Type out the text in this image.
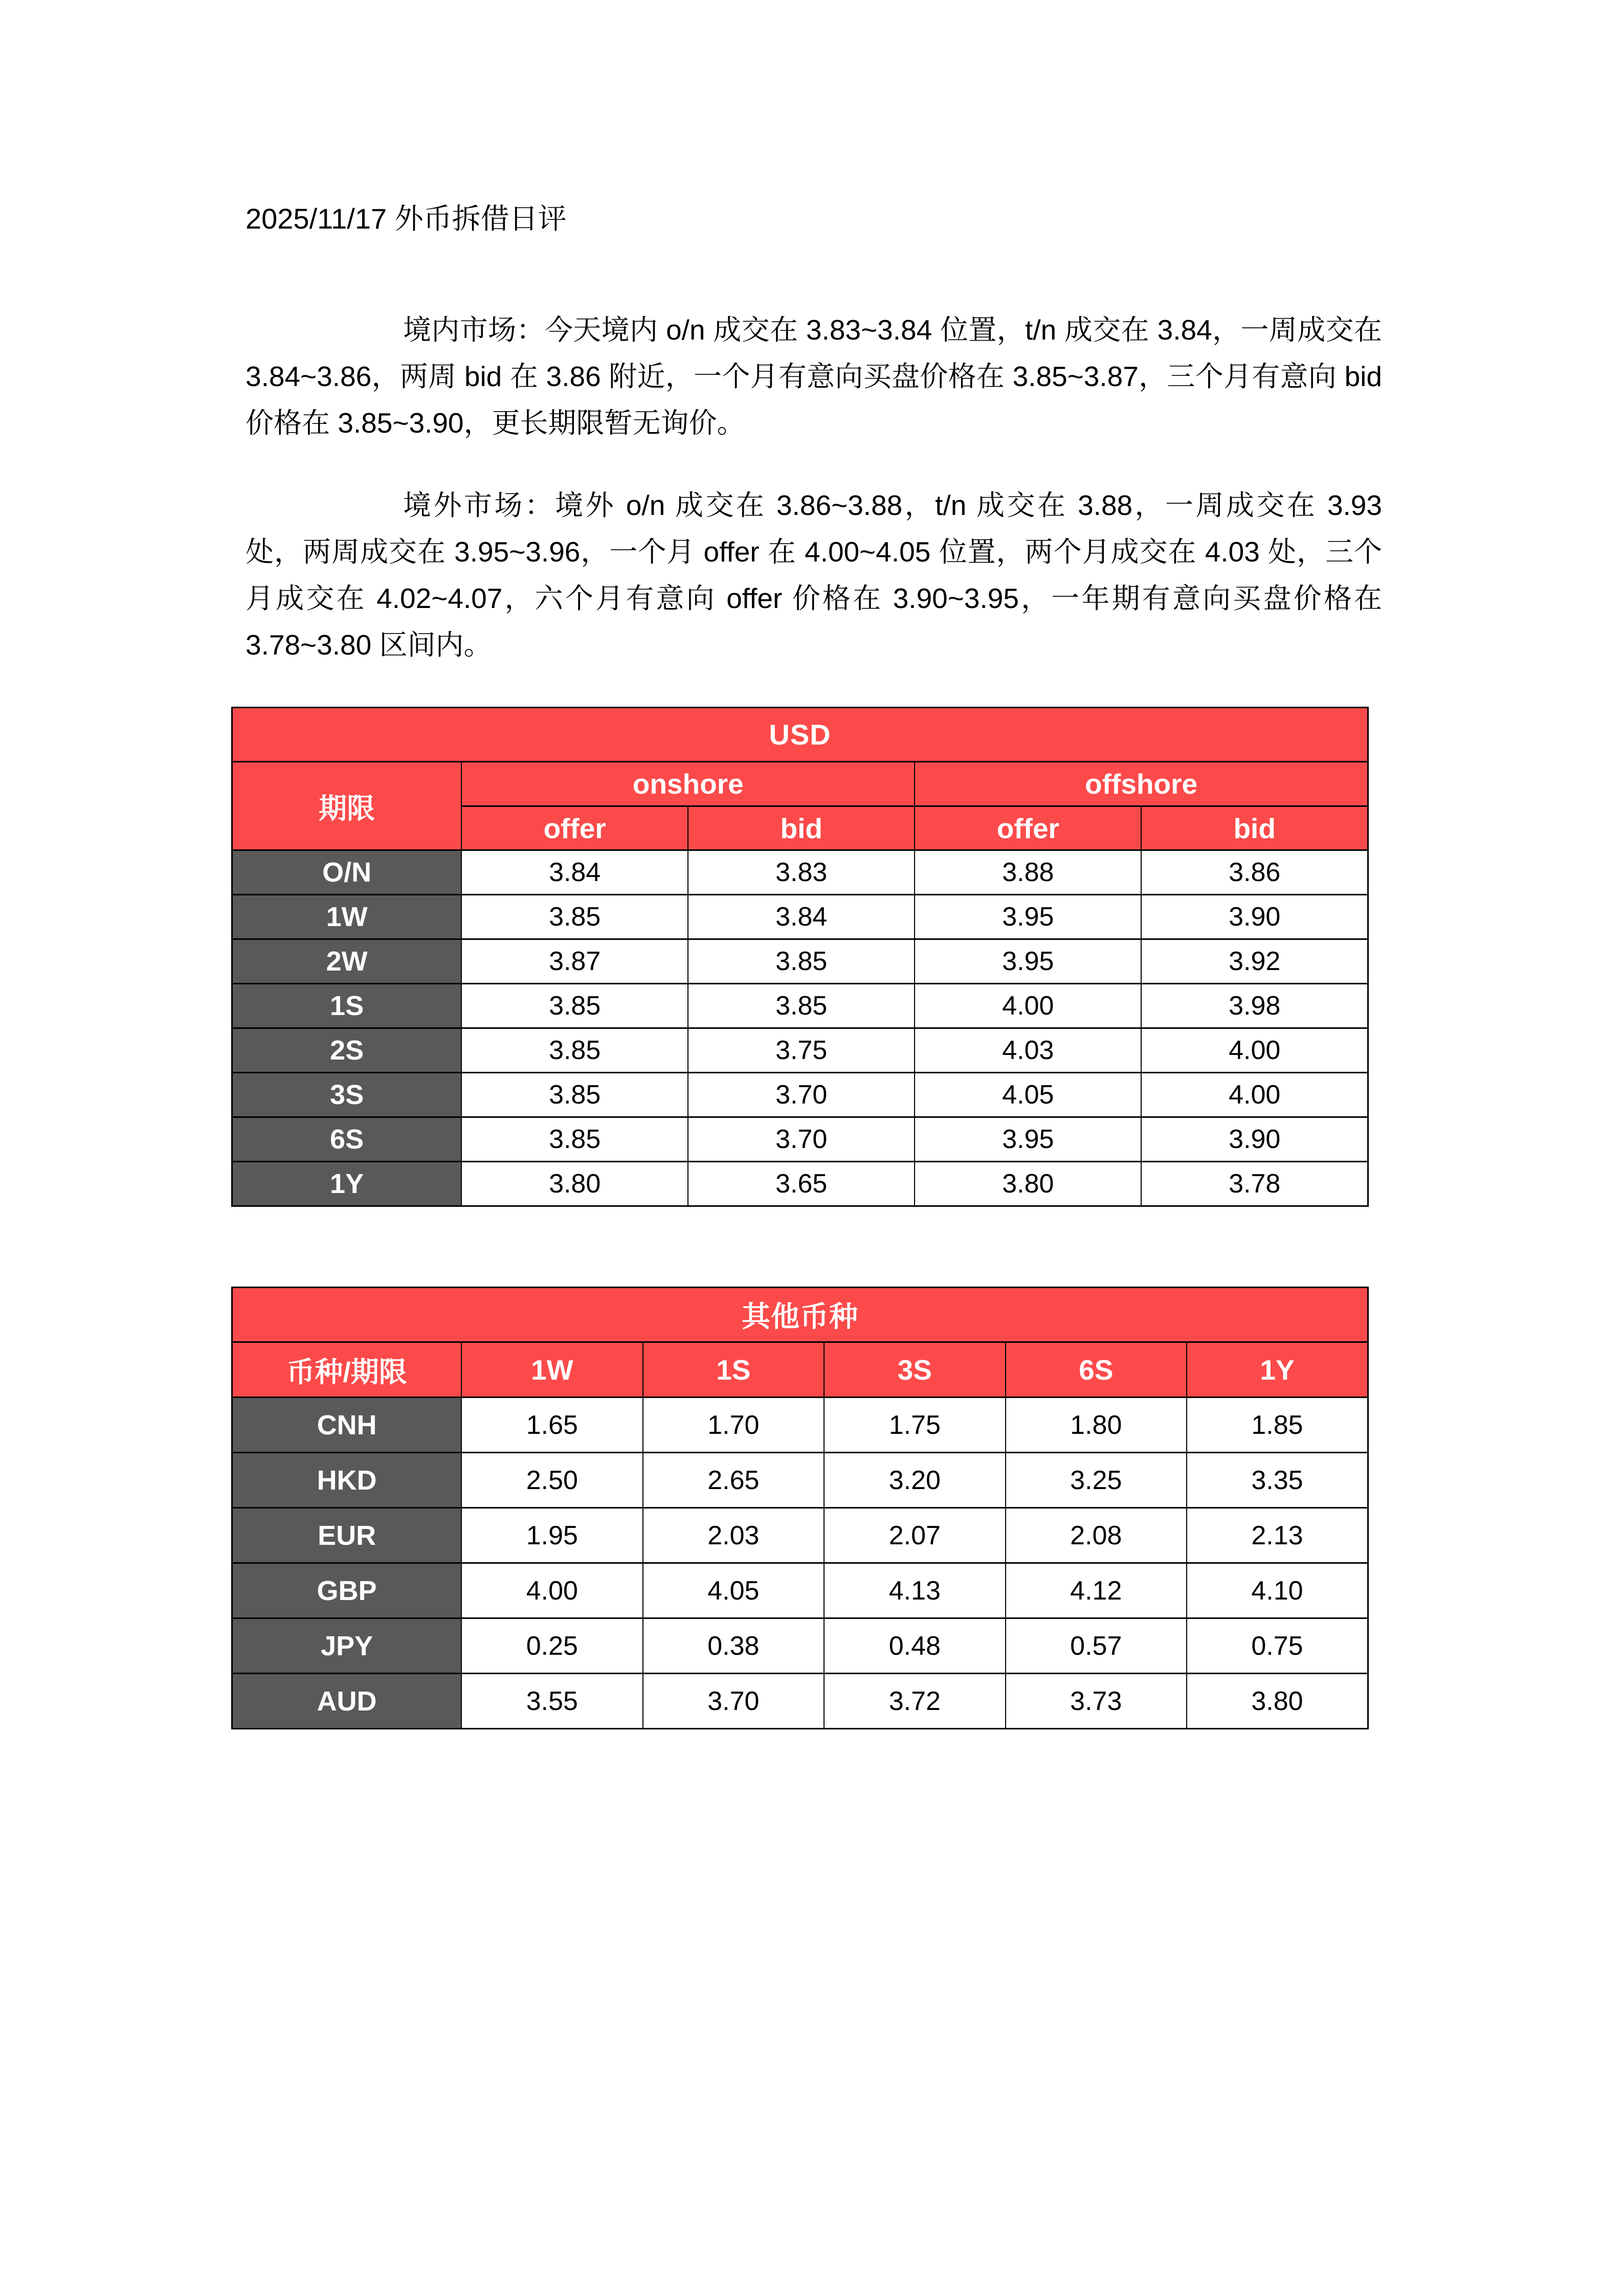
2025/11/17 外币拆借日评

境内市场：今天境内 o/n 成交在 3.83~3.84 位置，t/n 成交在 3.84，一周成交在 3.84~3.86，两周 bid 在 3.86 附近，一个月有意向买盘价格在 3.85~3.87，三个月有意向 bid 价格在 3.85~3.90，更长期限暂无询价。

境外市场：境外 o/n 成交在 3.86~3.88，t/n 成交在 3.88，一周成交在 3.93 处，两周成交在 3.95~3.96，一个月 offer 在 4.00~4.05 位置，两个月成交在 4.03 处，三个月成交在 4.02~4.07，六个月有意向 offer 价格在 3.90~3.95，一年期有意向买盘价格在 3.78~3.80 区间内。

USD				
期限	onshore		offshore	
	offer	bid	offer	bid
O/N	3.84	3.83	3.88	3.86
1W	3.85	3.84	3.95	3.90
2W	3.87	3.85	3.95	3.92
1S	3.85	3.85	4.00	3.98
2S	3.85	3.75	4.03	4.00
3S	3.85	3.70	4.05	4.00
6S	3.85	3.70	3.95	3.90
1Y	3.80	3.65	3.80	3.78
其他币种					
币种/期限	1W	1S	3S	6S	1Y
CNH	1.65	1.70	1.75	1.80	1.85
HKD	2.50	2.65	3.20	3.25	3.35
EUR	1.95	2.03	2.07	2.08	2.13
GBP	4.00	4.05	4.13	4.12	4.10
JPY	0.25	0.38	0.48	0.57	0.75
AUD	3.55	3.70	3.72	3.73	3.80
